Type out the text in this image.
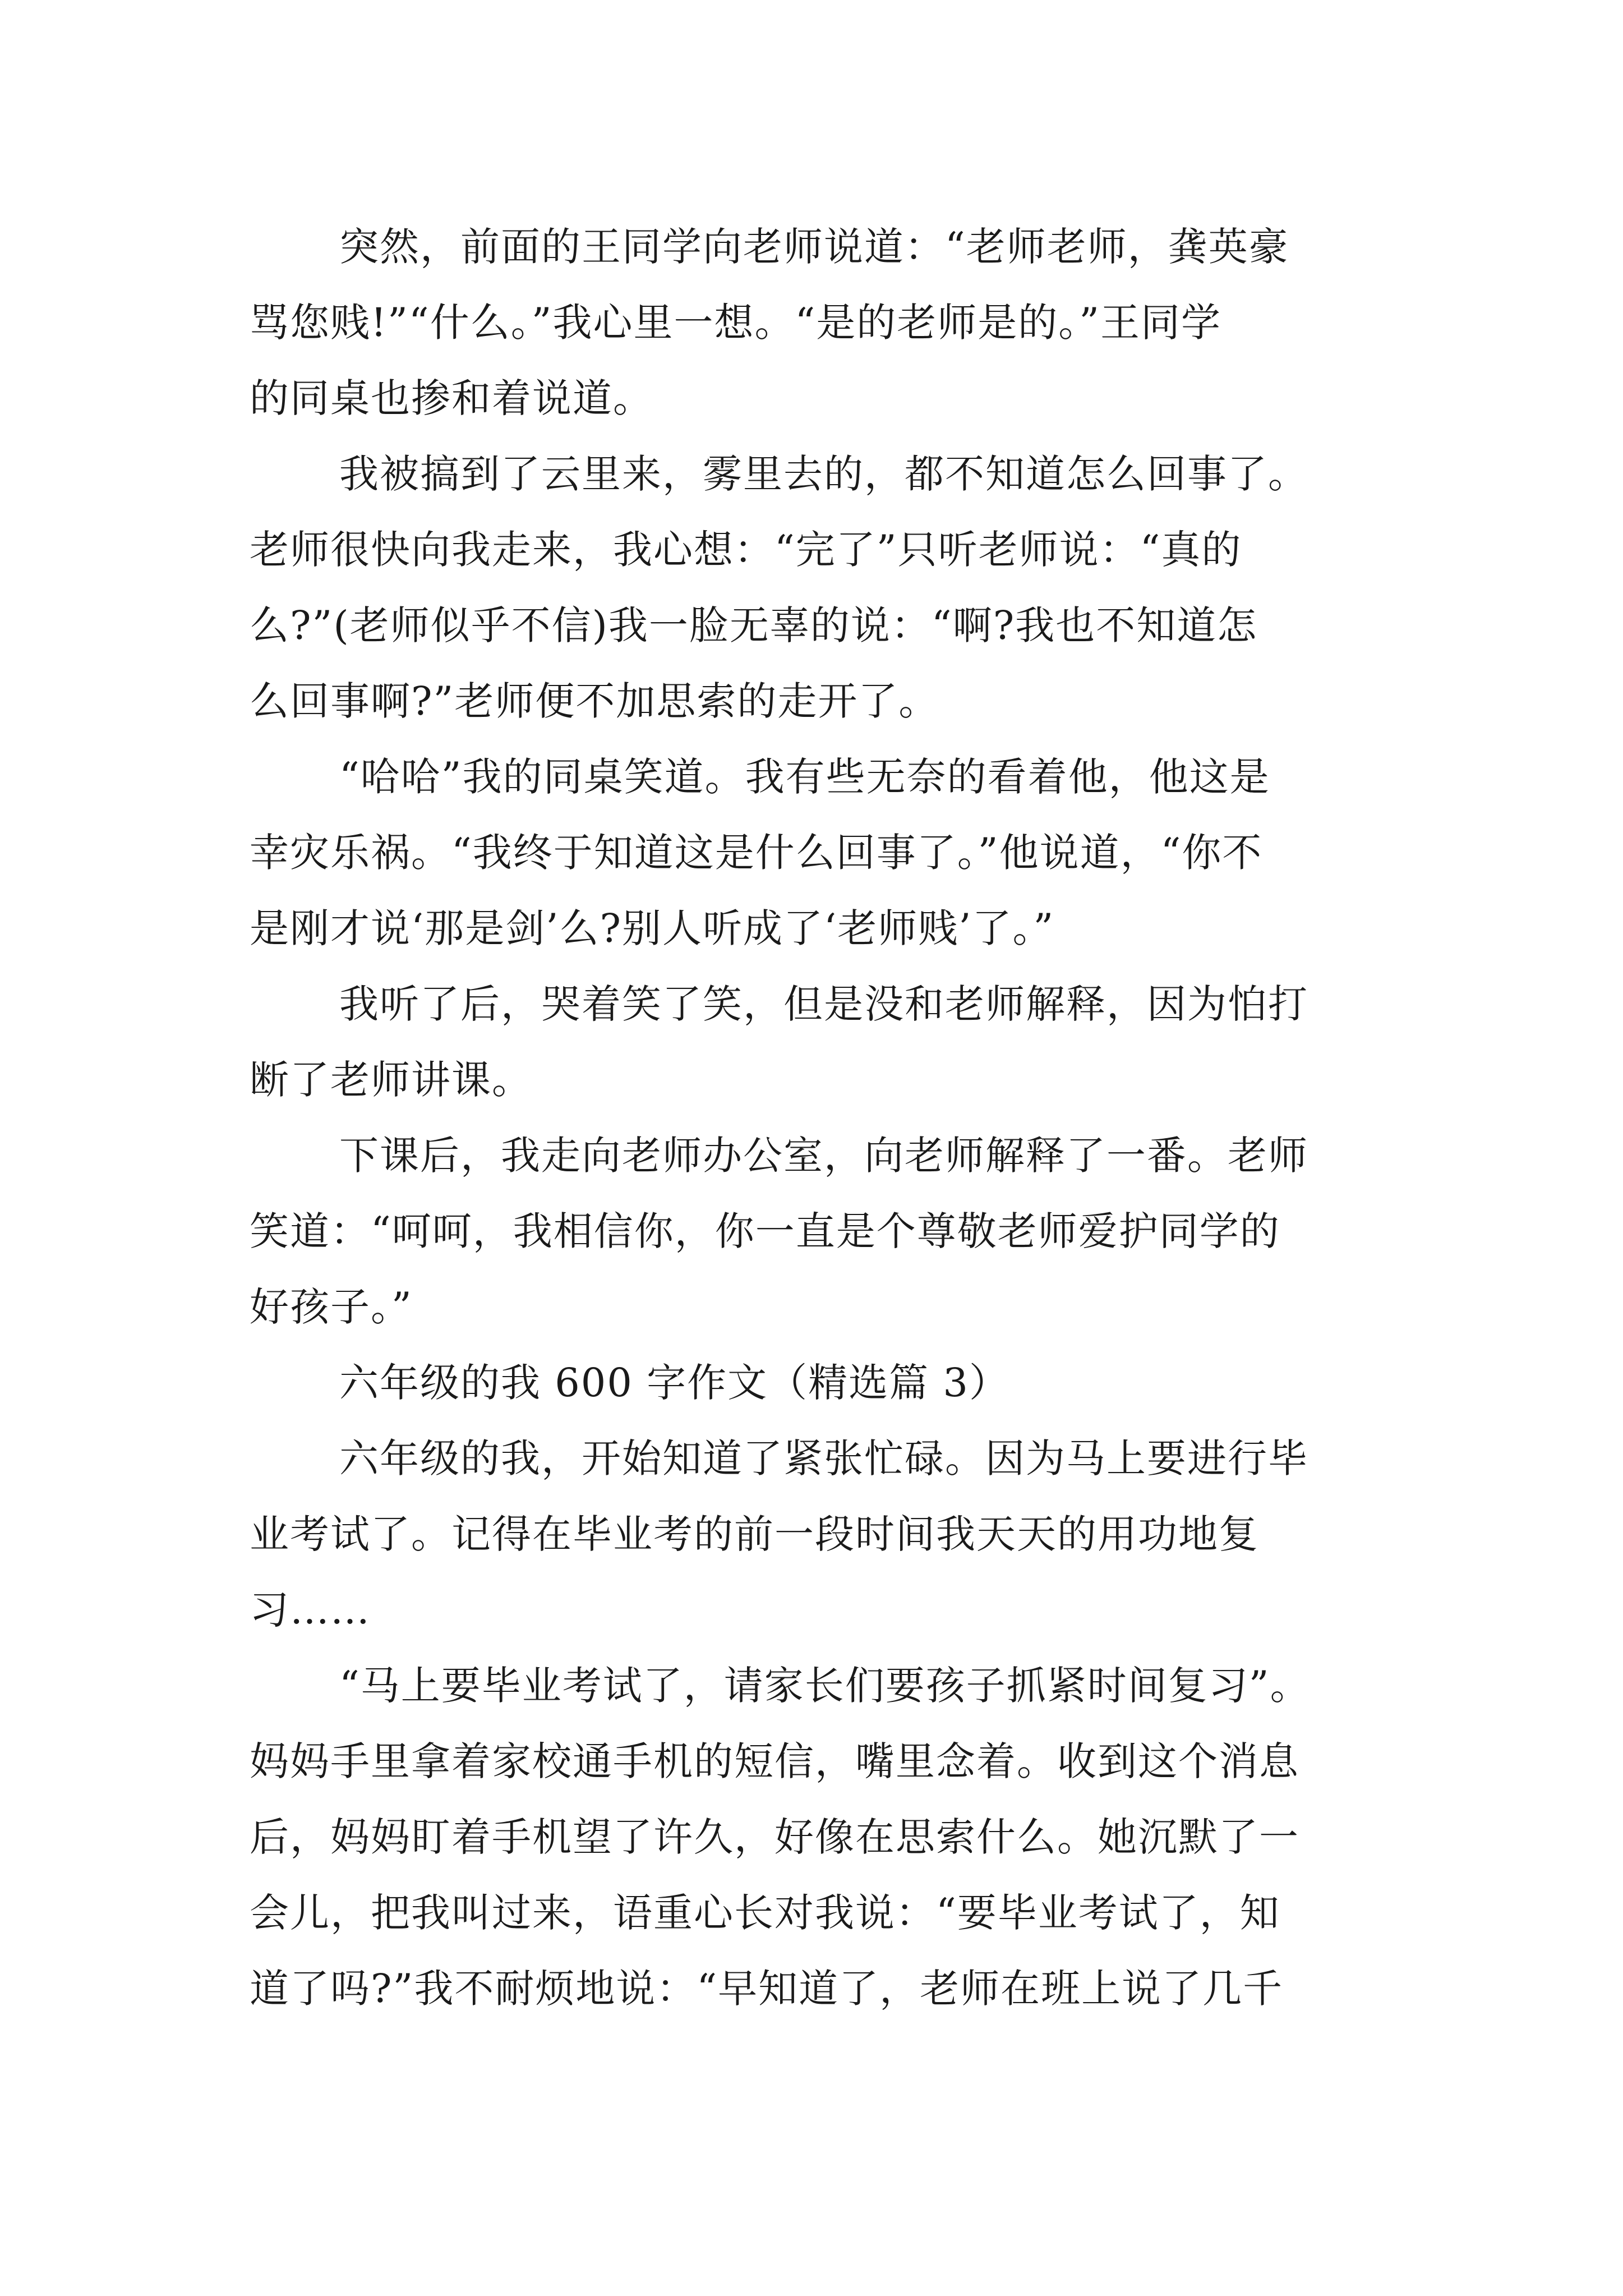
突然，前面的王同学向老师说道：“老师老师，龚英豪
骂您贱!”“什么。”我心里一想。“是的老师是的。”王同学
的同桌也掺和着说道。
我被搞到了云里来，雾里去的，都不知道怎么回事了。
老师很快向我走来，我心想：“完了”只听老师说：“真的
么?”(老师似乎不信)我一脸无辜的说：“啊?我也不知道怎
么回事啊?”老师便不加思索的走开了。
“哈哈”我的同桌笑道。我有些无奈的看着他，他这是
幸灾乐祸。“我终于知道这是什么回事了。”他说道，“你不
是刚才说‘那是剑’么?别人听成了‘老师贱’了。”
我听了后，哭着笑了笑，但是没和老师解释，因为怕打
断了老师讲课。
下课后，我走向老师办公室，向老师解释了一番。老师
笑道：“呵呵，我相信你，你一直是个尊敬老师爱护同学的
好孩子。”
六年级的我 600 字作文（精选篇 3）
六年级的我，开始知道了紧张忙碌。因为马上要进行毕
业考试了。记得在毕业考的前一段时间我天天的用功地复
习……
“马上要毕业考试了，请家长们要孩子抓紧时间复习”。
妈妈手里拿着家校通手机的短信，嘴里念着。收到这个消息
后，妈妈盯着手机望了许久，好像在思索什么。她沉默了一
会儿，把我叫过来，语重心长对我说：“要毕业考试了，知
道了吗?”我不耐烦地说：“早知道了，老师在班上说了几千
